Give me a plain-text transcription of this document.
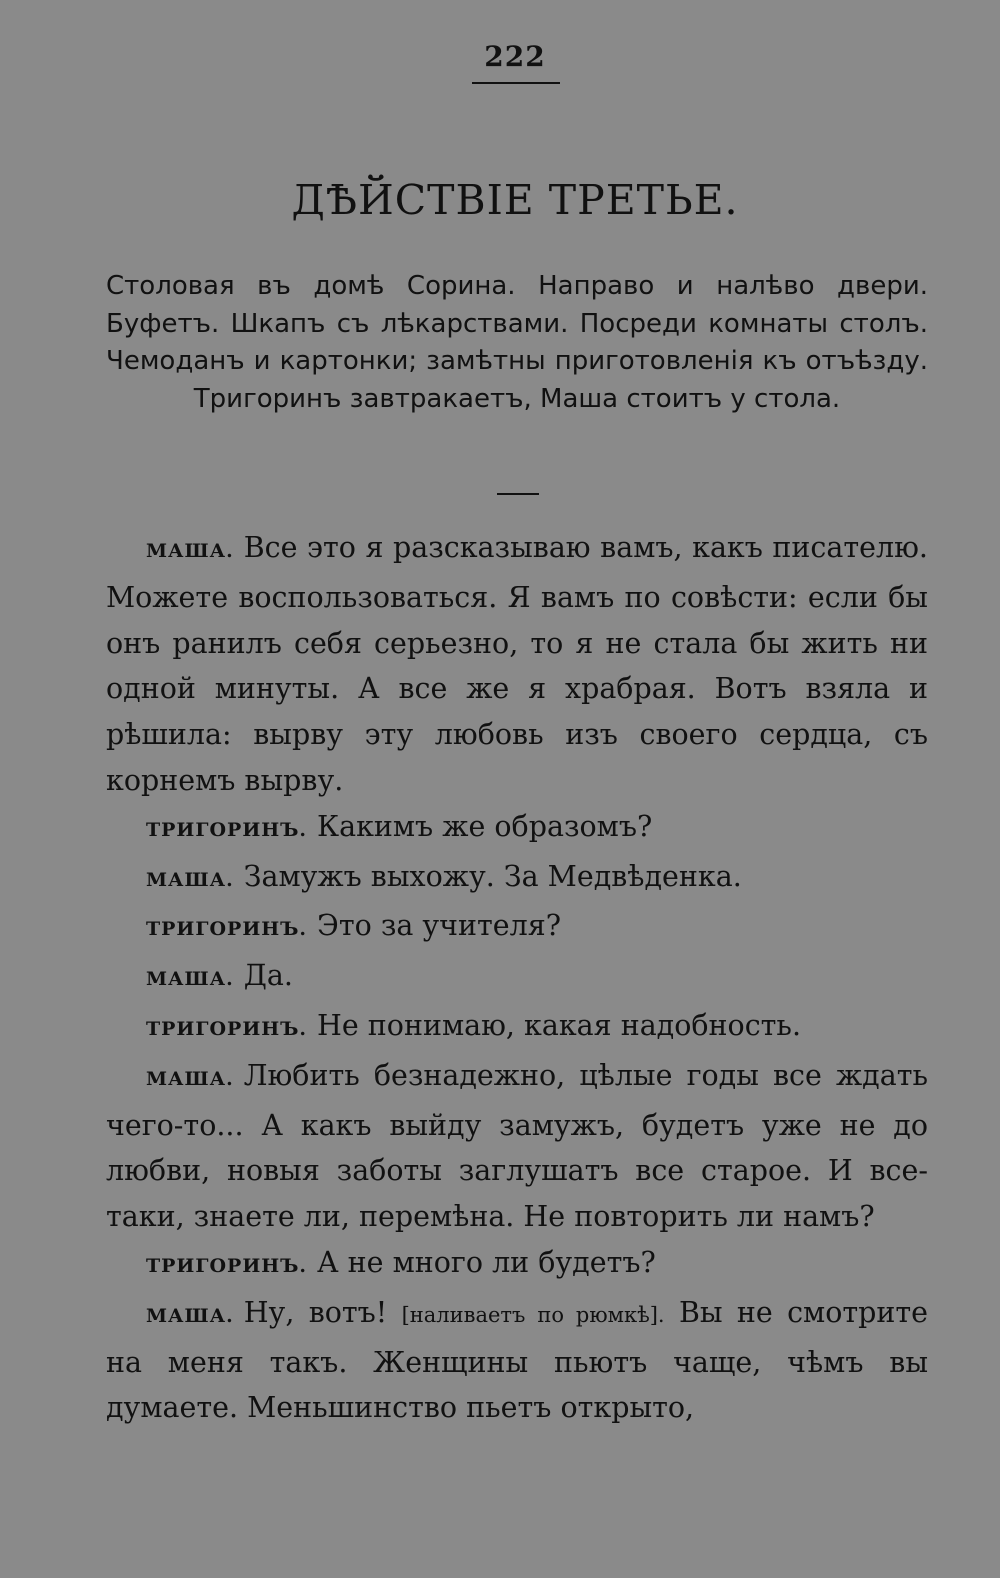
222
ДѢЙСТВІЕ ТРЕТЬЕ.
Столовая въ домѣ Сорина. Направо и налѣво двери. Буфетъ. Шкапъ съ лѣкарствами. Посреди комнаты столъ. Чемоданъ и картонки; замѣтны приготовленія къ отъѣзду. Тригоринъ завтракаетъ, Маша стоитъ у стола.
МАША. Все это я разсказываю вамъ, какъ писателю. Можете воспользоваться. Я вамъ по совѣсти: если бы онъ ранилъ себя серьезно, то я не стала бы жить ни одной минуты. А все же я храбрая. Вотъ взяла и рѣшила: вырву эту любовь изъ своего сердца, съ корнемъ вырву.
ТРИГОРИНЪ. Какимъ же образомъ?
МАША. Замужъ выхожу. За Медвѣденка.
ТРИГОРИНЪ. Это за учителя?
МАША. Да.
ТРИГОРИНЪ. Не понимаю, какая надобность.
МАША. Любить безнадежно, цѣлые годы все ждать чего-то... А какъ выйду замужъ, будетъ уже не до любви, новыя заботы заглушатъ все старое. И все-таки, знаете ли, перемѣна. Не повторить ли намъ?
ТРИГОРИНЪ. А не много ли будетъ?
МАША. Ну, вотъ! [наливаетъ по рюмкѣ]. Вы не смотрите на меня такъ. Женщины пьютъ чаще, чѣмъ вы думаете. Меньшинство пьетъ открыто,
